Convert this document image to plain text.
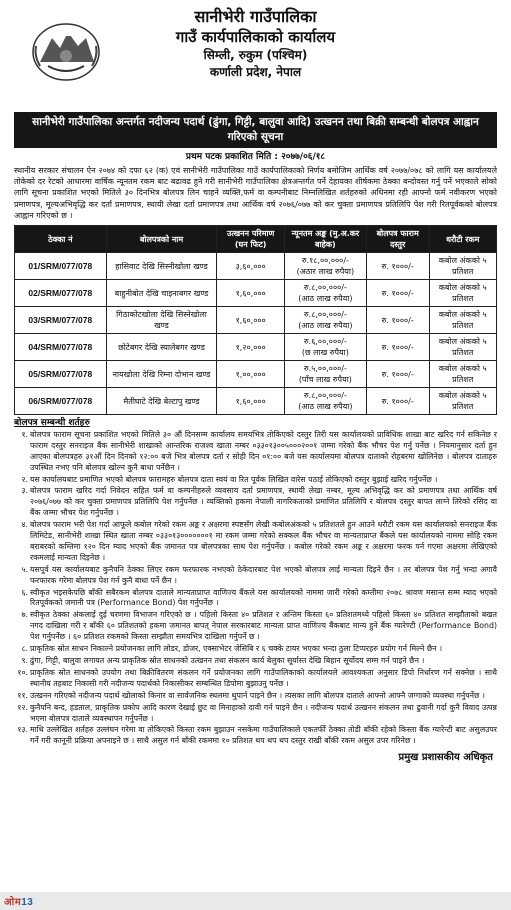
सानीभेरी गाउँपालिका
गाउँ कार्यपालिकाको कार्यालय
सिम्ली, रुकुम (पश्चिम)
कर्णाली प्रदेश, नेपाल
सानीभेरी गाउँपालिका अन्तर्गत नदीजन्य पदार्थ (ढुंगा, गिट्टी, बालुवा आदि) उत्खनन तथा बिक्री सम्बन्धी बोलपत्र आह्वान गरिएको सूचना
प्रथम पटक प्रकाशित मिति : २०७७/०६/१८

स्थानीय सरकार संचालन ऐन २०७४ को दफा ६२ (क) एवं सानीभेरी गाउँपालिका गाउँ कार्यपालिकाको निर्णय बमोजिम आर्थिक वर्ष २०७७/०७८ को लागि यस कार्यालयले तोकेको दर रेटको आधारमा वार्षिक न्यूनतम रकम बाट बढावढ हुने गरी सानीभेरी गाउँपालिका क्षेत्रअन्तर्गत पर्ने देहायका शीर्षकमा ठेक्का बन्दोवस्त गर्नु पर्ने भएकाले सोको लागि सूचना प्रकाशित भएको मितिले ३० दिनभित्र बोलपत्र लिन चाहने व्यक्ति,फर्म वा कम्पनीबाट निम्नलिखित शर्तहरुको अधिनमा रही आफ्नो फर्म नवीकरण भएको प्रमाणपत्र, मूल्यअभिवृद्धि कर दर्ता प्रमाणपत्र, स्थायी लेखा दर्ता प्रमाणपत्र तथा आर्थिक वर्ष २०७६/०७७ को कर चुक्ता प्रमाणपत्र प्रतिलिपि पेश गरी रितपूर्वकको बोलपत्र आह्वान गरिएको छ ।

ठेक्का नं	बोलपत्रको नाम	उत्खनन परिमाण (घन फिट)	न्यूनतम अङ्क (मु.अ.कर बाहेक)	बोलपत्र फाराम दस्तुर	धरौटी रकम
01/SRM/077/078	हासिवाट देखि सिस्नीखोला खण्ड	३,६०,०००	रु.१८,००,०००/-
(अठार लाख रुपैया)	रु. १०००/-	कबोल अंकको ५ प्रतिशत
02/SRM/077/078	बाहुनीबोत देखि चाइनाबगर खण्ड	१,६०,०००	रु.८,००,०००/-
(आठ लाख रुपैया)	रु. १०००/-	कबोल अंकको ५ प्रतिशत
03/SRM/077/078	गिठाकोटखोला देखि सिस्नेखोला खण्ड	१,६०,०००	रु.८,००,०००/-
(आठ लाख रुपैया)	रु. १०००/-	कबोल अंकको ५ प्रतिशत
04/SRM/077/078	छोटेबगर देखि स्यालेबगर खण्ड	१,२०,०००	रु.६,००,०००/-
(छ लाख रुपैया)	रु. १०००/-	कबोल अंकको ५ प्रतिशत
05/SRM/077/078	नायखोला देखि रिम्ना दोभान खण्ड	१,००,०००	रु.५,००,०००/-
(पाँच लाख रुपैया)	रु. १०००/-	कबोल अंकको ५ प्रतिशत
06/SRM/077/078	मैतीघाटे देखि बेल्टापु खण्ड	१,६०,०००	रु.८,००,०००/-
(आठ लाख रुपैया)	रु. १०००/-	कबोल अंकको ५ प्रतिशत
बोलपत्र सम्बन्धी शर्तहरु
१. बोलपत्र फाराम सूचना प्रकाशित भएको मितिले ३० औं दिनसम्म कार्यालय समयभित्र तोकिएको दस्तुर तिरी यस कार्यालयको प्राविधिक शाखा बाट खरिद गर्न सकिनेछ र फाराम दस्तुर सनराइज बैंक सानीभेरी शाखाको आन्तरिक राजश्व खाता नम्बर ०३३०१३००५०००२००१ जम्मा गरेको बैंक भौचर पेश गर्नु पर्नेछ । नियमानुसार दर्ता हुन आएका बोलपत्रहरु ३१औं दिन दिनको १२:०० बजे भित्र बोलपत्र दर्ता र सोही दिन ०१:०० बजे यस कार्यालयमा बोलपत्र दाताको रोहबरमा खोलिनेछ । बोलपत्र दाताहरु उपस्थित नभए पनि बोलपत्र खोल्न कुनै बाधा पर्नेछैन ।
२. यस कार्यालयबाट प्रमाणित भएको बोलपत्र फारामहरु बोलपत्र दाता स्वयं वा रित पूर्वक लिखित वारेस पठाई तोकिएको दस्तुर बुझाई खरिद गर्नुपर्नेछ ।
३. बोलपत्र फाराम खरिद गर्दा निवेदन सहित फर्म वा कम्पनीहरुले व्यवसाय दर्ता प्रमाणपत्र, स्थायी लेखा नम्बर, मूल्य अभिवृद्धि कर को प्रमाणपत्र तथा आर्थिक वर्ष २०७६/०७७ को कर चुक्ता प्रमाणपत्र प्रतिलिपि पेश गर्नुपर्नेछ । व्यक्तिको हकमा नेपाली नागरिकताको प्रमाणित प्रतिलिपि र बोलपत्र दस्तुर बापत लाग्ने तिरेको रसिद वा बैंक जम्मा भौचर पेश गर्नुपर्नेछ ।
४. बोलपत्र फाराम भरी पेश गर्दा आफूले कबोल गरेको रकम अङ्क र अक्षरमा स्पष्टसँग लेखी कबोलअंकको ५ प्रतिशतले हुन आउने धरौटी रकम यस कार्यालयको सनराइज बैंक लिमिटेड, सानीभेरी शाखा स्थित खाता नम्बर ०३३०१३०००००००१ मा रकम जम्मा गरेको सक्कल बैंक भौचर वा मान्यताप्राप्त बैंकले यस कार्यालयको नाममा सोहि रकम बराबरको कम्तिमा १२० दिन म्याद भएको बैंक जमानत पत्र बोलपत्रका साथ पेश गर्नुपर्नेछ । कबोल गरेको रकम अङ्क र अक्षरमा फरक पर्न गएमा अक्षरमा लेखिएको रकमलाई मान्यता दिइनेछ ।
५. यसपूर्व यस कार्यालयबाट कुनैपनि ठेक्का लिएर रकम फरफारक नभएको ठेकेदारबाट पेश भएको बोलपत्र लाई मान्यता दिइने छैन । तर बोलपत्र पेश गर्नु भन्दा अगावै फरफारक गरेमा बोलपत्र पेश गर्न कुनै बाधा पर्ने छैन ।
६. स्वीकृत भइसकेपछि बाँकी सबैरकम बोलपत्र दाताले मान्यताप्राप्त वाणिज्य बैंकले यस कार्यालयको नाममा जारी गरेको कम्तीमा २०७८ श्रावण मसान्त सम्म म्याद भएको रितपूर्वकको जमानी पत्र (Performance Bond) पेश गर्नुपर्नेछ ।
७. स्वीकृत ठेक्का अंकलाई दुई चरणमा विभाजन गरिएको छ । पहिलो किस्ता ४० प्रतिशत र अन्तिम किस्ता ६० प्रतिशतमध्ये पहिलो किस्ता ४० प्रतिशत सम्झौताको बखत नगद दाखिला गरी र बाँकी ६० प्रतिशतको हकमा जमानत बापत् नेपाल सरकारबाट मान्यता प्राप्त वाणिज्य बैंकबाट मान्य हुने बैंक ग्यारेण्टी (Performance Bond) पेश गर्नुपर्नेछ । ६० प्रतिशत रकमको किस्ता सम्झौता समयभित्र दाखिला गर्नुपर्ने छ ।
८. प्राकृतिक स्रोत साधन निकाल्ने प्रयोजनका लागि लोडर, डोजर, एक्साभेटर जेसिबि र ६ चक्के टायर भएका भन्दा ठुला टिप्परहरु प्रयोग गर्न मिल्ने छैन ।
९. ढुंगा, गिट्टी, बालुवा लगायत अन्य प्राकृतिक स्रोत साधनको उत्खनन तथा संकलन कार्य बेलुका सूर्यास्त देखि बिहान सूर्योदय सम्म गर्न पाइने छैन ।
१०. प्राकृतिक स्रोत साधनको उपयोग तथा बिक्रीवितरण संकलन गर्ने प्रयोजनका लागि गाउँपालिकाको कार्यालयले आवश्यकता अनुसार डिपो निर्धारण गर्न सक्नेछ । साथै स्थानीय तहबाट निकासी गरी नदीजन्य पदार्थको निकासीकर सम्बन्धित डिपोमा बुझाउनु पर्नेछ ।
११. उत्खनन गरिएको नदीजन्य पदार्थ खोलाको किनार वा सार्वजनिक स्थलमा थुपार्न पाइने छैन । त्यसका लागि बोलपत्र दाताले आफ्नो आफ्नै जग्गाको व्यवस्था गर्नुपर्नेछ ।
१२. कुनैपनि बन्द, हडताल, प्राकृतिक प्रकोप आदि कारण देखाई छुट वा मिनाहाको दावी गर्न पाइने छैन । नदीजन्य पदार्थ उत्खनन संकलन तथा ढुवानी गर्दा कुनै विवाद उत्पन्न भएमा बोलपत्र दाताले व्यवस्थापन गर्नुपर्नेछ ।
१३. माथि उल्लेखित शर्तहरु उल्लंघन गरेमा वा तोकिएको किस्ता रकम बुझाउन नसकेमा गाउँपालिकाले एकतर्फी ठेक्का तोडी बाँकी रहेको किस्ता बैंक ग्यारेन्टी बाट असुलउपर गर्ने गरी कानूनी प्रक्रिया अपनाइने छ । साथै असुल गर्न बाँकी रकममा १० प्रतिशत थप थप थप दस्तुर राखी बाँकी रकम असुल उपर गरिनेछ ।
प्रमुख प्रशासकीय अधिकृत
ओम13
